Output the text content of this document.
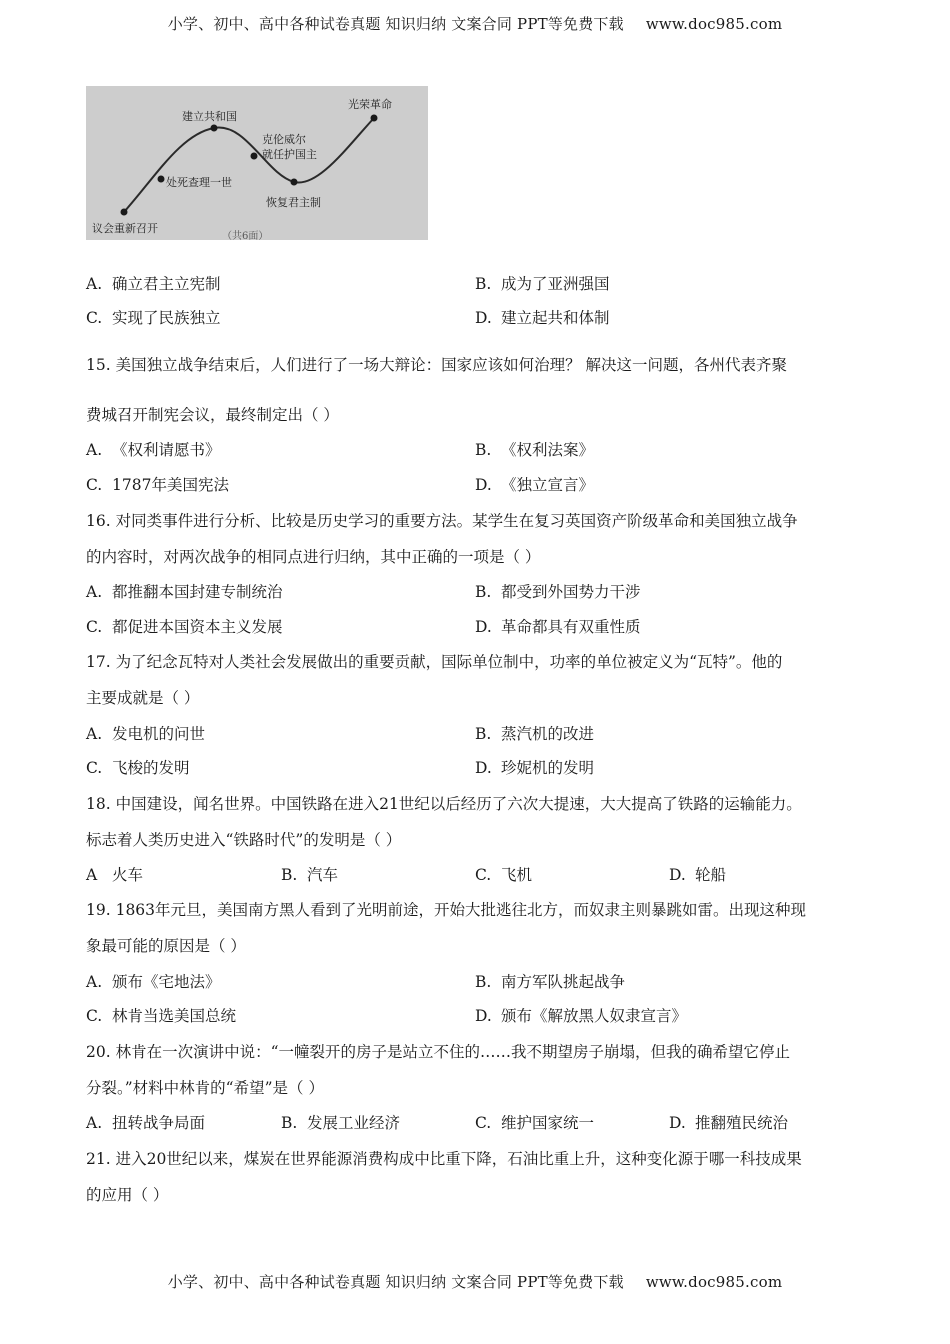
小学、初中、高中各种试卷真题 知识归纳 文案合同 PPT等免费下载 www.doc985.com
议会重新召开
处死查理一世
建立共和国
克伦威尔
就任护国主
恢复君主制
光荣革命
（共6面）
A. 确立君主立宪制	B. 成为了亚洲强国
C. 实现了民族独立	D. 建立起共和体制
15. 美国独立战争结束后，人们进行了一场大辩论：国家应该如何治理？ 解决这一问题，各州代表齐聚
费城召开制宪会议，最终制定出（ ）
A. 《权利请愿书》	B. 《权利法案》
C. 1787年美国宪法	D. 《独立宣言》
16. 对同类事件进行分析、比较是历史学习的重要方法。某学生在复习英国资产阶级革命和美国独立战争
的内容时，对两次战争的相同点进行归纳，其中正确的一项是（ ）
A. 都推翻本国封建专制统治	B. 都受到外国势力干涉
C. 都促进本国资本主义发展	D. 革命都具有双重性质
17. 为了纪念瓦特对人类社会发展做出的重要贡献，国际单位制中，功率的单位被定义为“瓦特”。他的
主要成就是（ ）
A. 发电机的问世	B. 蒸汽机的改进
C. 飞梭的发明	D. 珍妮机的发明
18. 中国建设，闻名世界。中国铁路在进入21世纪以后经历了六次大提速，大大提高了铁路的运输能力。
标志着人类历史进入“铁路时代”的发明是（ ）
A 火车	B. 汽车	C. 飞机	D. 轮船
19. 1863年元旦，美国南方黑人看到了光明前途，开始大批逃往北方，而奴隶主则暴跳如雷。出现这种现
象最可能的原因是（ ）
A. 颁布《宅地法》	B. 南方军队挑起战争
C. 林肯当选美国总统	D. 颁布《解放黑人奴隶宣言》
20. 林肯在一次演讲中说：“一幢裂开的房子是站立不住的……我不期望房子崩塌，但我的确希望它停止
分裂。”材料中林肯的“希望”是（ ）
A. 扭转战争局面	B. 发展工业经济	C. 维护国家统一	D. 推翻殖民统治
21. 进入20世纪以来，煤炭在世界能源消费构成中比重下降，石油比重上升，这种变化源于哪一科技成果
的应用（ ）
小学、初中、高中各种试卷真题 知识归纳 文案合同 PPT等免费下载 www.doc985.com
